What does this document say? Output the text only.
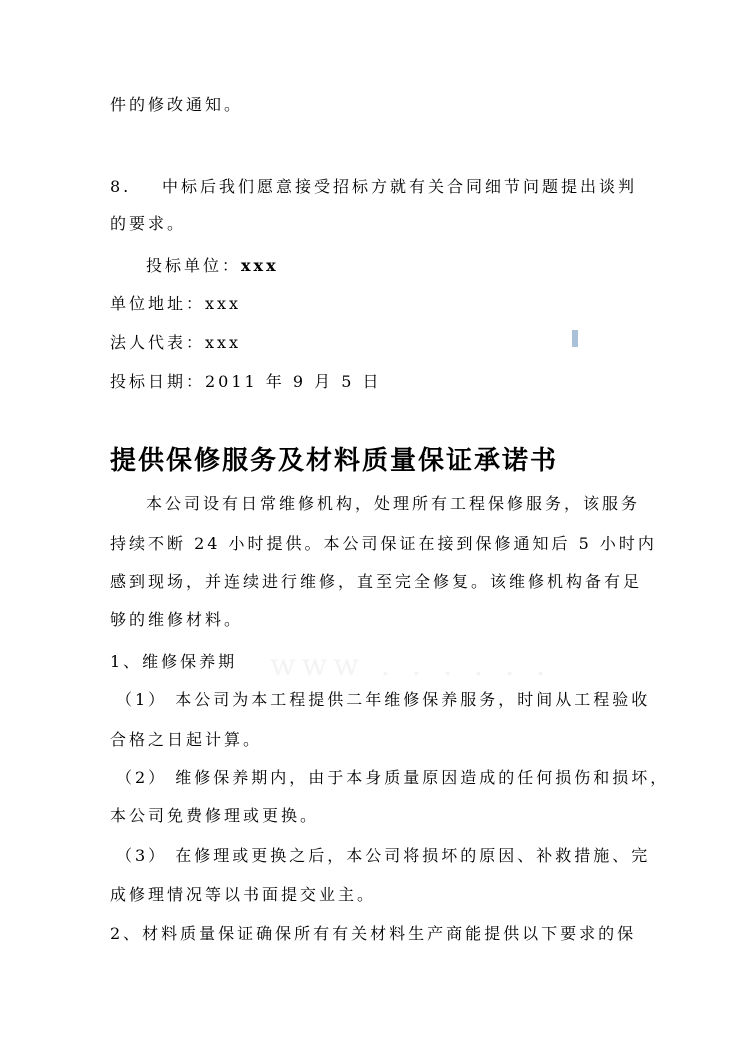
件的修改通知。
8. 中标后我们愿意接受招标方就有关合同细节问题提出谈判
的要求。
投标单位：xxx
单位地址：xxx
法人代表：xxx
投标日期：2011 年 9 月 5 日
提供保修服务及材料质量保证承诺书
www . . . . . .
本公司设有日常维修机构，处理所有工程保修服务，该服务
持续不断 24 小时提供。本公司保证在接到保修通知后 5 小时内
感到现场，并连续进行维修，直至完全修复。该维修机构备有足
够的维修材料。
1、维修保养期
（1） 本公司为本工程提供二年维修保养服务，时间从工程验收
合格之日起计算。
（2） 维修保养期内，由于本身质量原因造成的任何损伤和损坏，
本公司免费修理或更换。
（3） 在修理或更换之后，本公司将损坏的原因、补救措施、完
成修理情况等以书面提交业主。
2、材料质量保证确保所有有关材料生产商能提供以下要求的保
